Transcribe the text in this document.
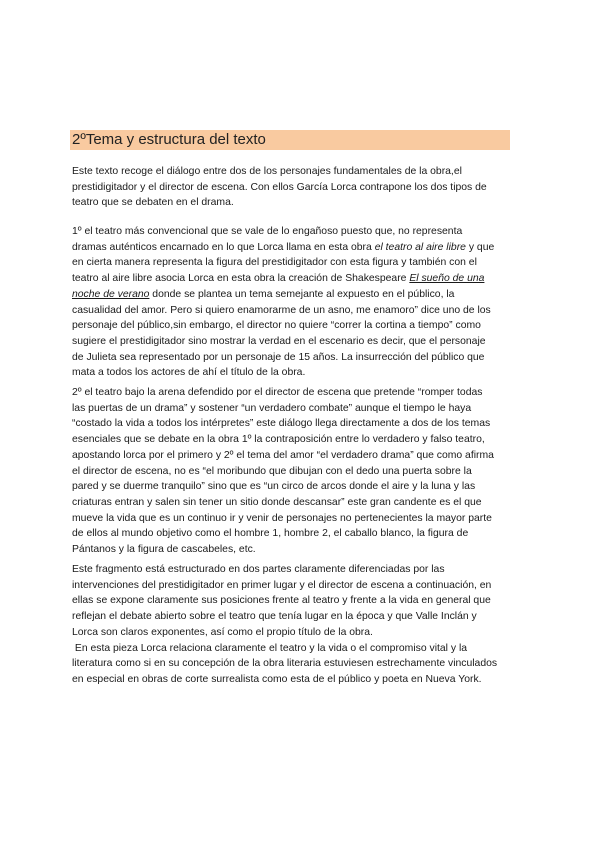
2ºTema y estructura del texto

Este texto recoge el diálogo entre dos de los personajes fundamentales de la obra,el
prestidigitador y el director de escena. Con ellos García Lorca contrapone los dos tipos de
teatro que se debaten en el drama.

1º el teatro más convencional que se vale de lo engañoso puesto que, no representa
dramas auténticos encarnado en lo que Lorca llama en esta obra el teatro al aire libre y que
en cierta manera representa la figura del prestidigitador con esta figura y también con el
teatro al aire libre asocia Lorca en esta obra la creación de Shakespeare El sueño de una
noche de verano donde se plantea un tema semejante al expuesto en el público, la
casualidad del amor. Pero si quiero enamorarme de un asno, me enamoro” dice uno de los
personaje del público,sin embargo, el director no quiere “correr la cortina a tiempo” como
sugiere el prestidigitador sino mostrar la verdad en el escenario es decir, que el personaje
de Julieta sea representado por un personaje de 15 años. La insurrección del público que
mata a todos los actores de ahí el título de la obra.

2º el teatro bajo la arena defendido por el director de escena que pretende “romper todas
las puertas de un drama” y sostener “un verdadero combate” aunque el tiempo le haya
“costado la vida a todos los intérpretes” este diálogo llega directamente a dos de los temas
esenciales que se debate en la obra 1º la contraposición entre lo verdadero y falso teatro,
apostando lorca por el primero y 2º el tema del amor “el verdadero drama” que como afirma
el director de escena, no es “el moribundo que dibujan con el dedo una puerta sobre la
pared y se duerme tranquilo” sino que es “un circo de arcos donde el aire y la luna y las
criaturas entran y salen sin tener un sitio donde descansar” este gran candente es el que
mueve la vida que es un continuo ir y venir de personajes no pertenecientes la mayor parte
de ellos al mundo objetivo como el hombre 1, hombre 2, el caballo blanco, la figura de
Pántanos y la figura de cascabeles, etc.

Este fragmento está estructurado en dos partes claramente diferenciadas por las
intervenciones del prestidigitador en primer lugar y el director de escena a continuación, en
ellas se expone claramente sus posiciones frente al teatro y frente a la vida en general que
reflejan el debate abierto sobre el teatro que tenía lugar en la época y que Valle Inclán y
Lorca son claros exponentes, así como el propio título de la obra.
En esta pieza Lorca relaciona claramente el teatro y la vida o el compromiso vital y la
literatura como si en su concepción de la obra literaria estuviesen estrechamente vinculados
en especial en obras de corte surrealista como esta de el público y poeta en Nueva York.
